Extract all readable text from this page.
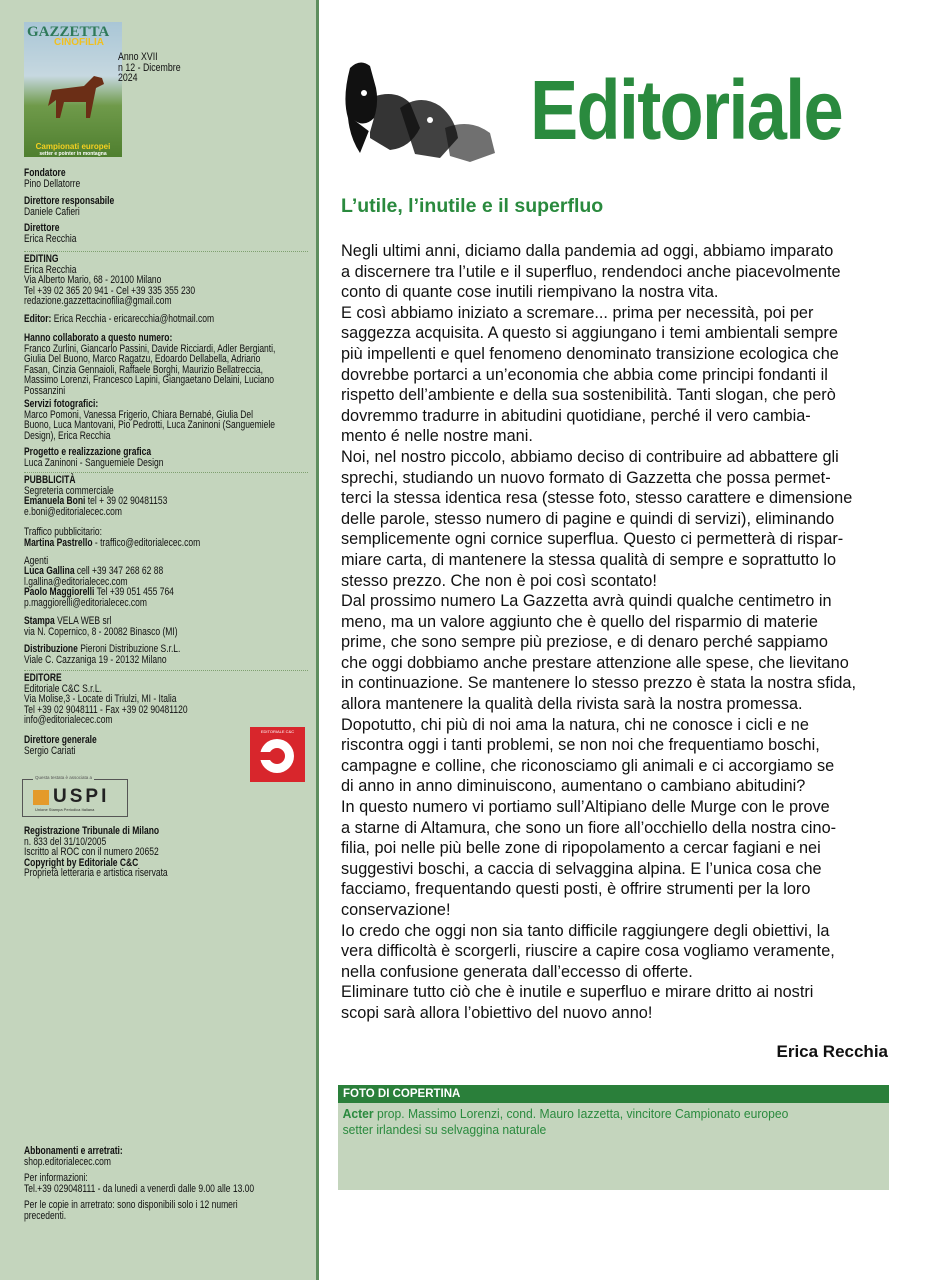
GAZZETTA
CINOFILIA
Campionati europei
setter e pointer in montagna
Anno XVII
n 12 - Dicembre
2024
Fondatore
Pino Dellatorre
Direttore responsabile
Daniele Cafieri
Direttore
Erica Recchia
EDITING
Erica Recchia
Via Alberto Mario, 68 - 20100 Milano
Tel +39 02 365 20 941 - Cel +39 335 355 230
redazione.gazzettacinofilia@gmail.com
Editor: Erica Recchia - ericarecchia@hotmail.com
Hanno collaborato a questo numero:
Franco Zurlini, Giancarlo Passini, Davide Ricciardi, Adler Bergianti,
Giulia Del Buono, Marco Ragatzu, Edoardo Dellabella, Adriano
Fasan, Cinzia Gennaioli, Raffaele Borghi, Maurizio Bellatreccia,
Massimo Lorenzi, Francesco Lapini, Giangaetano Delaini, Luciano
Possanzini
Servizi fotografici:
Marco Pomoni, Vanessa Frigerio, Chiara Bernabé, Giulia Del
Buono, Luca Mantovani, Pio Pedrotti, Luca Zaninoni (Sanguemiele
Design), Erica Recchia
Progetto e realizzazione grafica
Luca Zaninoni - Sanguemiele Design
PUBBLICITÀ
Segreteria commerciale
Emanuela Boni tel + 39 02 90481153
e.boni@editorialecec.com
Traffico pubblicitario:
Martina Pastrello - traffico@editorialecec.com
Agenti
Luca Gallina cell +39 347 268 62 88
l.gallina@editorialecec.com
Paolo Maggiorelli Tel +39 051 455 764
p.maggiorelli@editorialecec.com
Stampa VELA WEB srl
via N. Copernico, 8 - 20082 Binasco (MI)
Distribuzione Pieroni Distribuzione S.r.L.
Viale C. Cazzaniga 19 - 20132 Milano
EDITORE
Editoriale C&C S.r.L.
Via Molise,3 - Locate di Triulzi, MI - Italia
Tel +39 02 9048111 - Fax +39 02 90481120
info@editorialecec.com
EDITORIALE C&C
Direttore generale
Sergio Cariati
Questa testata è associata a
USPI
Unione Stampa Periodica Italiana
Registrazione Tribunale di Milano
n. 833 del 31/10/2005
Iscritto al ROC con il numero 20652
Copyright by Editoriale C&C
Proprietà letteraria e artistica riservata
Abbonamenti e arretrati:
shop.editorialecec.com
Per informazioni:
Tel.+39 029048111 - da lunedì a venerdì dalle 9.00 alle 13.00
Per le copie in arretrato: sono disponibili solo i 12 numeri
precedenti.
Editoriale
L’utile, l’inutile e il superfluo
Negli ultimi anni, diciamo dalla pandemia ad oggi, abbiamo imparato
a discernere tra l’utile e il superfluo, rendendoci anche piacevolmente
conto di quante cose inutili riempivano la nostra vita.
E così abbiamo iniziato a scremare... prima per necessità, poi per
saggezza acquisita. A questo si aggiungano i temi ambientali sempre
più impellenti e quel fenomeno denominato transizione ecologica che
dovrebbe portarci a un’economia che abbia come principi fondanti il
rispetto dell’ambiente e della sua sostenibilità. Tanti slogan, che però
dovremmo tradurre in abitudini quotidiane, perché il vero cambia-
mento é nelle nostre mani.
Noi, nel nostro piccolo, abbiamo deciso di contribuire ad abbattere gli
sprechi, studiando un nuovo formato di Gazzetta che possa permet-
terci la stessa identica resa (stesse foto, stesso carattere e dimensione
delle parole, stesso numero di pagine e quindi di servizi), eliminando
semplicemente ogni cornice superflua. Questo ci permetterà di rispar-
miare carta, di mantenere la stessa qualità di sempre e soprattutto lo
stesso prezzo. Che non è poi così scontato!
Dal prossimo numero La Gazzetta avrà quindi qualche centimetro in
meno, ma un valore aggiunto che è quello del risparmio di materie
prime, che sono sempre più preziose, e di denaro perché sappiamo
che oggi dobbiamo anche prestare attenzione alle spese, che lievitano
in continuazione. Se mantenere lo stesso prezzo è stata la nostra sfida,
allora mantenere la qualità della rivista sarà la nostra promessa.
Dopotutto, chi più di noi ama la natura, chi ne conosce i cicli e ne
riscontra oggi i tanti problemi, se non noi che frequentiamo boschi,
campagne e colline, che riconosciamo gli animali e ci accorgiamo se
di anno in anno diminuiscono, aumentano o cambiano abitudini?
In questo numero vi portiamo sull’Altipiano delle Murge con le prove
a starne di Altamura, che sono un fiore all’occhiello della nostra cino-
filia, poi nelle più belle zone di ripopolamento a cercar fagiani e nei
suggestivi boschi, a caccia di selvaggina alpina. E l’unica cosa che
facciamo, frequentando questi posti, è offrire strumenti per la loro
conservazione!
Io credo che oggi non sia tanto difficile raggiungere degli obiettivi, la
vera difficoltà è scorgerli, riuscire a capire cosa vogliamo veramente,
nella confusione generata dall’eccesso di offerte.
Eliminare tutto ciò che è inutile e superfluo e mirare dritto ai nostri
scopi sarà allora l’obiettivo del nuovo anno!
Erica Recchia
FOTO DI COPERTINA
Acter prop. Massimo Lorenzi, cond. Mauro Iazzetta, vincitore Campionato europeo
setter irlandesi su selvaggina naturale
